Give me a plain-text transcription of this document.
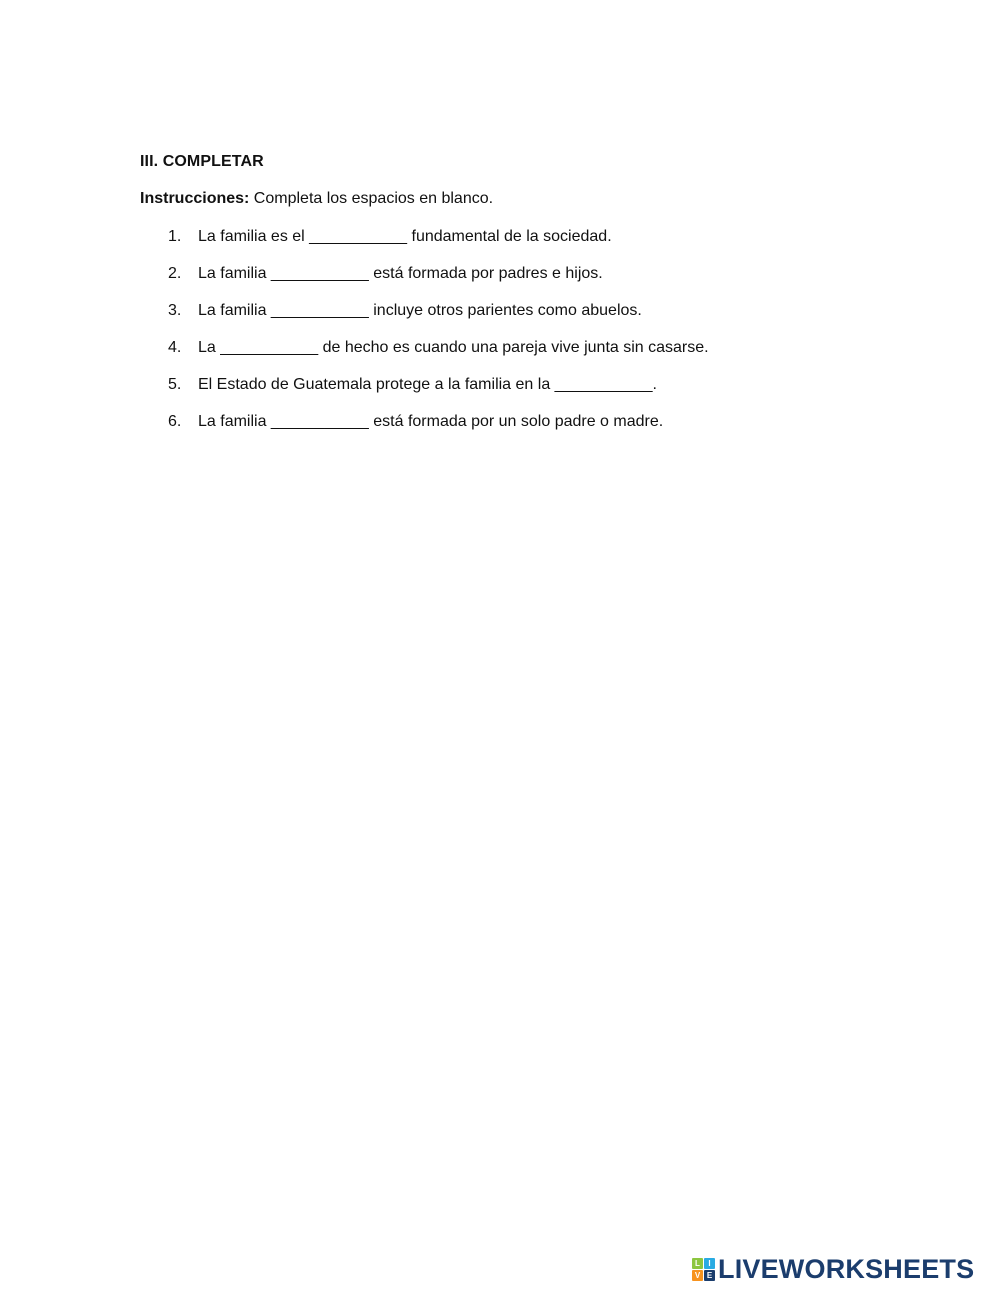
III. COMPLETAR
Instrucciones: Completa los espacios en blanco.
1. La familia es el ___________ fundamental de la sociedad.
2. La familia ___________ está formada por padres e hijos.
3. La familia ___________ incluye otros parientes como abuelos.
4. La ___________ de hecho es cuando una pareja vive junta sin casarse.
5. El Estado de Guatemala protege a la familia en la ___________.
6. La familia ___________ está formada por un solo padre o madre.
L	I
V E LIVEWORKSHEETS
